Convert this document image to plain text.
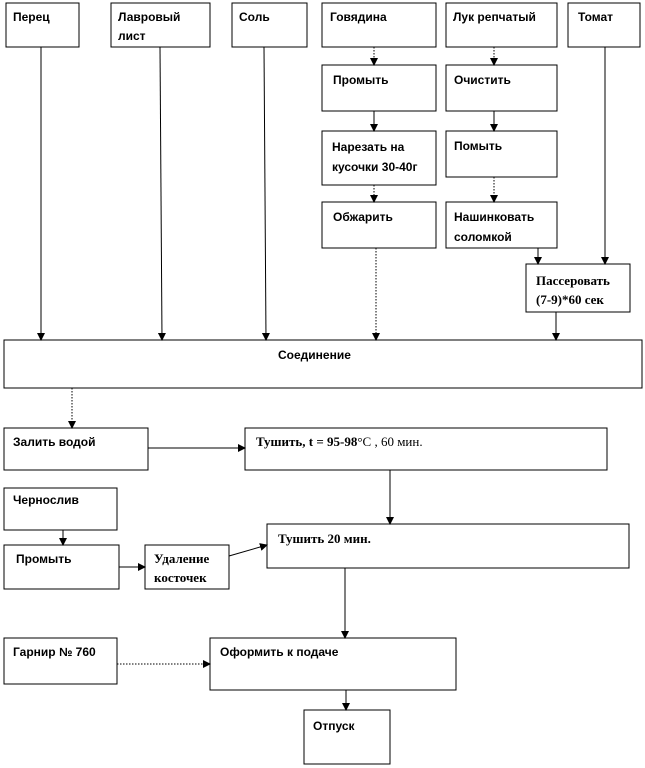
Перец	Лавровый
лист
Соль	Говядина	Лук репчатый	Томат
Промыть
Нарезать на
кусочки 30-40г
Обжарить
Очистить
Помыть
Нашинковать
соломкой
Пассеровать
(7-9)*60 сек
Соединение
Залить водой	Тушить, t = 95-98°С , 60 мин.
Чернослив
Промыть	Удаление
косточек
Тушить 20 мин.
Гарнир № 760	Оформить к подаче
Отпуск
